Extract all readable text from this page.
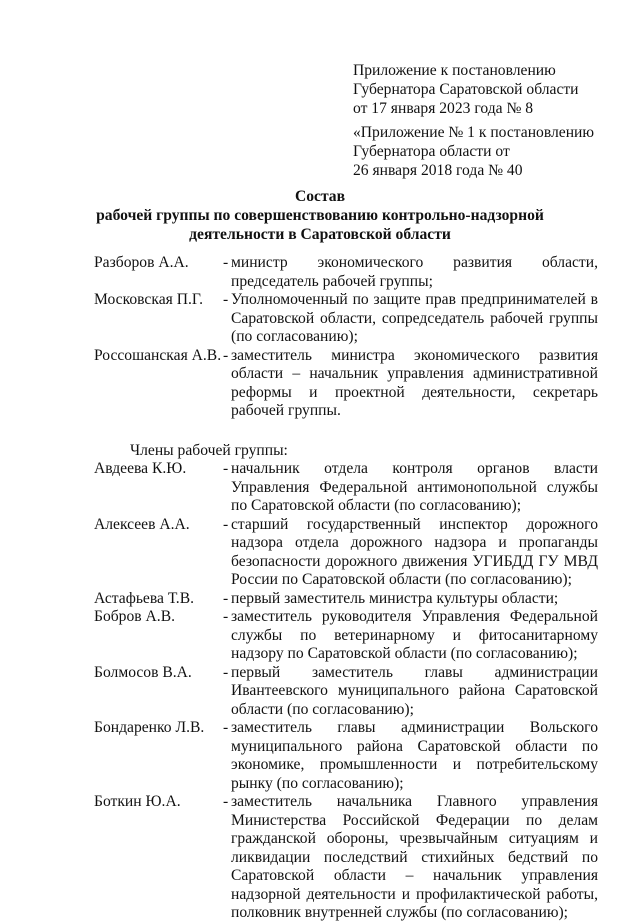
Приложение к постановлению
Губернатора Саратовской области
от 17 января 2023 года № 8
«Приложение № 1 к постановлению
Губернатора области от
26 января 2018 года № 40
Состав
рабочей группы по совершенствованию контрольно-надзорной
деятельности в Саратовской области
Разборов А.А.	- министр экономического развития области, председатель рабочей группы;
Московская П.Г.	- Уполномоченный по защите прав предпринимателей в Саратовской области, сопредседатель рабочей группы (по согласованию);
Россошанская А.В. - заместитель министра экономического развития области – начальник управления административной реформы и проектной деятельности, секретарь рабочей группы.
Члены рабочей группы:
Авдеева К.Ю.	- начальник отдела контроля органов власти Управления Федеральной антимонопольной службы по Саратовской области (по согласованию);
Алексеев А.А.	- старший государственный инспектор дорожного надзора отдела дорожного надзора и пропаганды безопасности дорожного движения УГИБДД ГУ МВД России по Саратовской области (по согласованию);
Астафьева Т.В.	- первый заместитель министра культуры области;
Бобров А.В.	- заместитель руководителя Управления Федеральной службы по ветеринарному и фитосанитарному надзору по Саратовской области (по согласованию);
Болмосов В.А.	- первый заместитель главы администрации Ивантеевского муниципального района Саратовской области (по согласованию);
Бондаренко Л.В.	- заместитель главы администрации Вольского муниципального района Саратовской области по экономике, промышленности и потребительскому рынку (по согласованию);
Боткин Ю.А.	- заместитель начальника Главного управления Министерства Российской Федерации по делам гражданской обороны, чрезвычайным ситуациям и ликвидации последствий стихийных бедствий по Саратовской области – начальник управления надзорной деятельности и профилактической работы, полковник внутренней службы (по согласованию);
